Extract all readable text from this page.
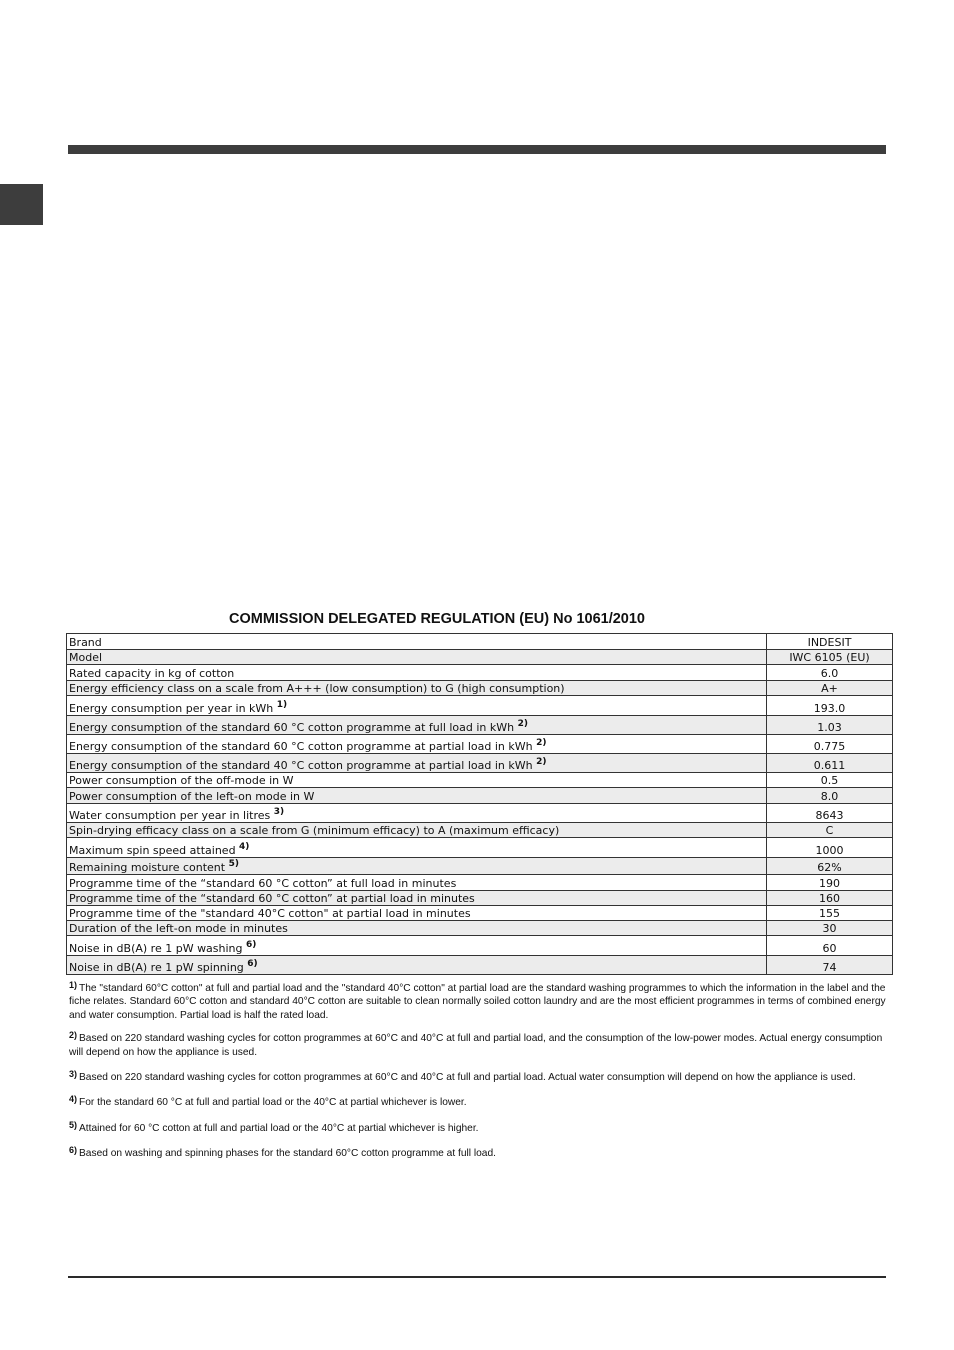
COMMISSION DELEGATED REGULATION (EU) No 1061/2010
Brand	INDESIT
Model	IWC 6105 (EU)
Rated capacity in kg of cotton	6.0
Energy efficiency class on a scale from A+++ (low consumption) to G (high consumption)	A+
Energy consumption per year in kWh $^{1)}$	193.0
Energy consumption of the standard 60 °C cotton programme at full load in kWh $^{2)}$	1.03
Energy consumption of the standard 60 °C cotton programme at partial load in kWh $^{2)}$	0.775
Energy consumption of the standard 40 °C cotton programme at partial load in kWh $^{2)}$	0.611
Power consumption of the off-mode in W	0.5
Power consumption of the left-on mode in W	8.0
Water consumption per year in litres $^{3)}$	8643
Spin-drying efficacy class on a scale from G (minimum efficacy) to A (maximum efficacy)	C
Maximum spin speed attained $^{4)}$	1000
Remaining moisture content $^{5)}$	62%
Programme time of the “standard 60 °C cotton” at full load in minutes	190
Programme time of the “standard 60 °C cotton” at partial load in minutes	160
Programme time of the "standard 40°C cotton" at partial load in minutes	155
Duration of the left-on mode in minutes	30
Noise in dB(A) re 1 pW washing $^{6)}$	60
Noise in dB(A) re 1 pW spinning $^{6)}$	74

$^{1)}$ The "standard 60°C cotton" at full and partial load and the "standard 40°C cotton" at partial load are the standard washing programmes to which the information in the label and the fiche relates. Standard 60°C cotton and standard 40°C cotton are suitable to clean normally soiled cotton laundry and are the most efficient programmes in terms of combined energy and water consumption. Partial load is half the rated load.

$^{2)}$ Based on 220 standard washing cycles for cotton programmes at 60°C and 40°C at full and partial load, and the consumption of the low-power modes. Actual energy consumption will depend on how the appliance is used.

$^{3)}$ Based on 220 standard washing cycles for cotton programmes at 60°C and 40°C at full and partial load. Actual water consumption will depend on how the appliance is used.

$^{4)}$ For the standard 60 °C at full and partial load or the 40°C at partial whichever is lower.

$^{5)}$ Attained for 60 °C cotton at full and partial load or the 40°C at partial whichever is higher.

$^{6)}$ Based on washing and spinning phases for the standard 60°C cotton programme at full load.
